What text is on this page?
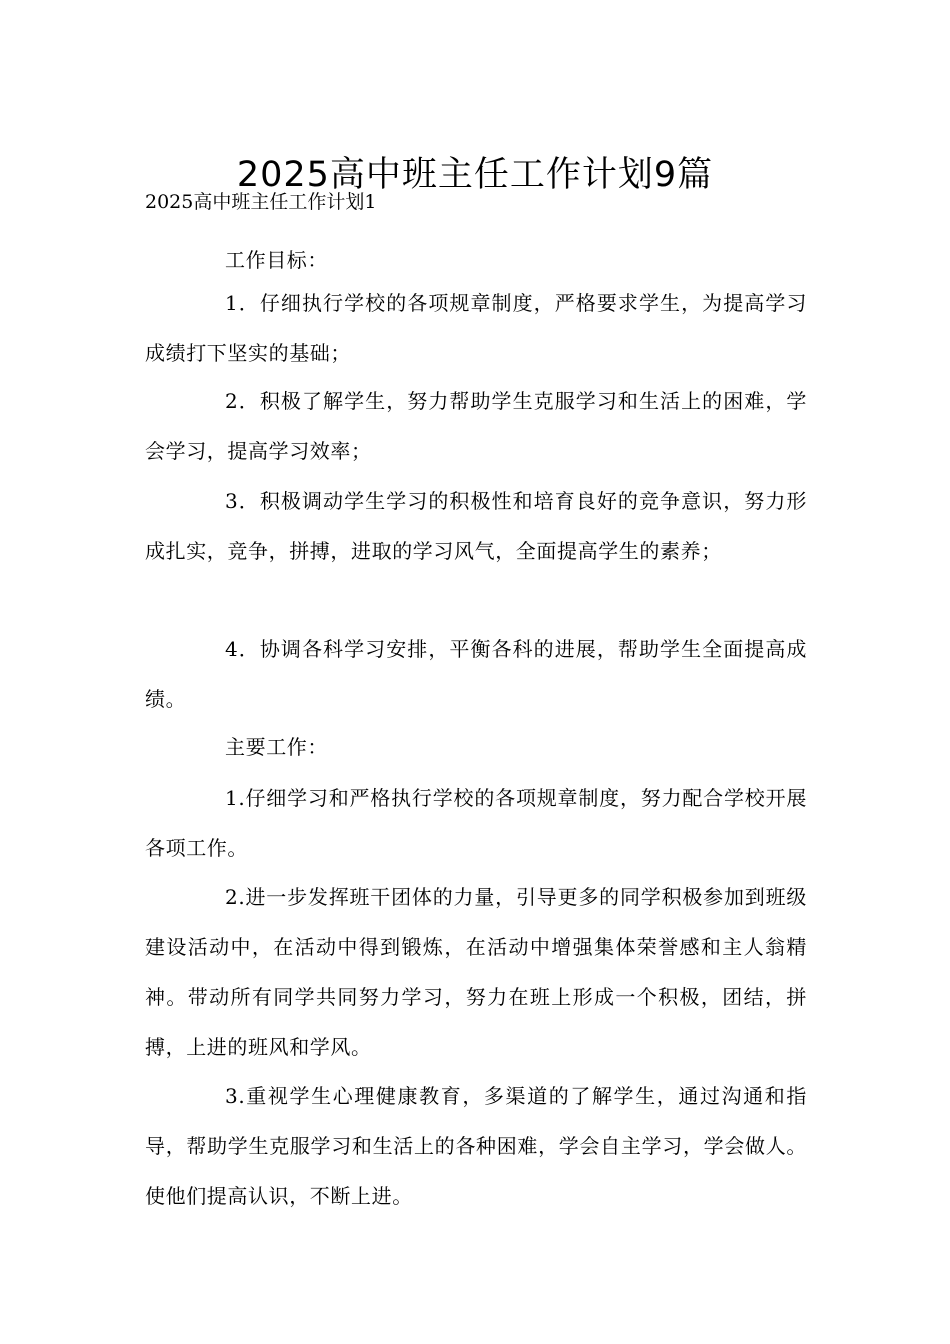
2025高中班主任工作计划9篇
2025高中班主任工作计划1

工作目标：

1．仔细执行学校的各项规章制度，严格要求学生，为提高学习成绩打下坚实的基础；

2．积极了解学生，努力帮助学生克服学习和生活上的困难，学会学习，提高学习效率；

3．积极调动学生学习的积极性和培育良好的竞争意识，努力形成扎实，竞争，拼搏，进取的学习风气，全面提高学生的素养；

4．协调各科学习安排，平衡各科的进展，帮助学生全面提高成绩。

主要工作：

1.仔细学习和严格执行学校的各项规章制度，努力配合学校开展各项工作。

2.进一步发挥班干团体的力量，引导更多的同学积极参加到班级建设活动中，在活动中得到锻炼，在活动中增强集体荣誉感和主人翁精神。带动所有同学共同努力学习，努力在班上形成一个积极，团结，拼搏，上进的班风和学风。

3.重视学生心理健康教育，多渠道的了解学生，通过沟通和指导，帮助学生克服学习和生活上的各种困难，学会自主学习，学会做人。使他们提高认识，不断上进。
